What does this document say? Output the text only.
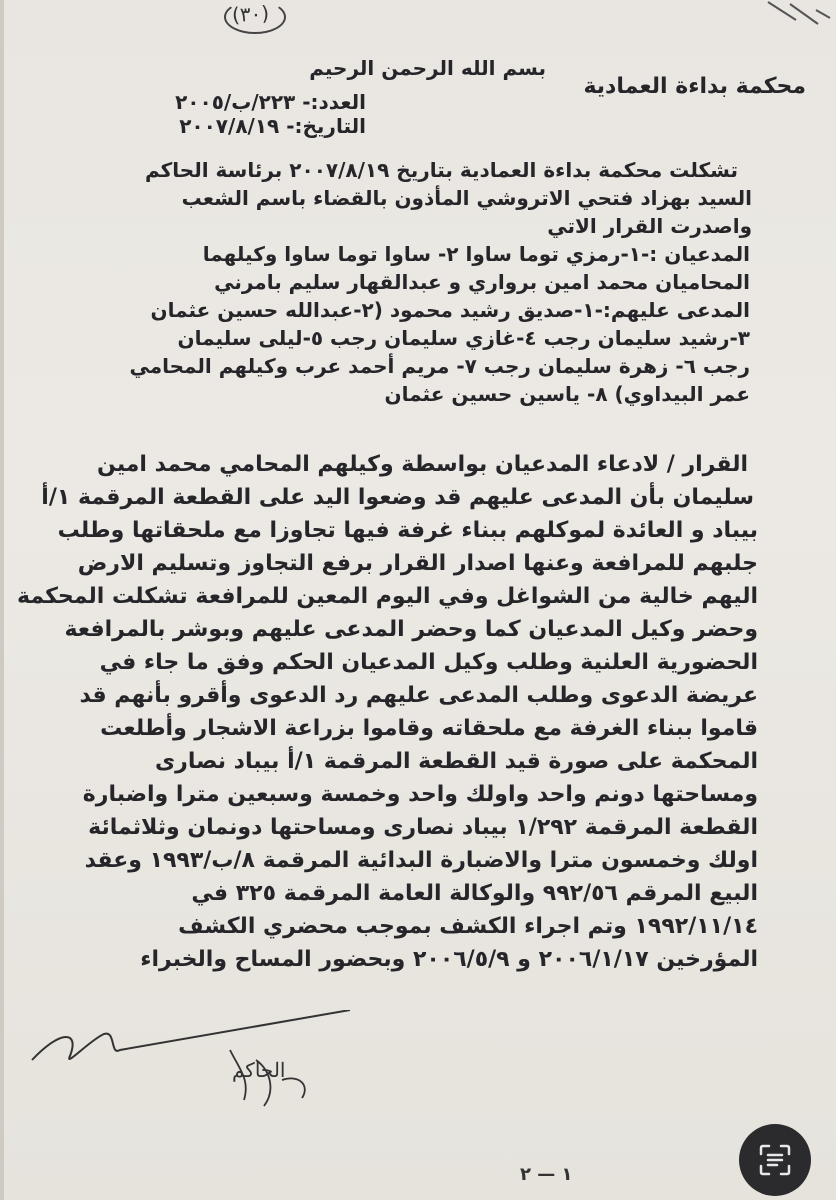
(٣٠)
بسم الله الرحمن الرحيم
محكمة بداءة العمادية
العدد:- ٢٢٣/ب/٢٠٠٥
التاريخ:- ٢٠٠٧/٨/١٩
تشكلت محكمة بداءة العمادية بتاريخ ٢٠٠٧/٨/١٩ برئاسة الحاكم
السيد بهزاد فتحي الاتروشي المأذون بالقضاء باسم الشعب
واصدرت القرار الاتي
المدعيان :-١-رمزي توما ساوا ٢- ساوا توما ساوا وكيلهما
المحاميان محمد امين برواري و عبدالقهار سليم بامرني
المدعى عليهم:-١-صديق رشيد محمود (٢-عبدالله حسين عثمان
٣-رشيد سليمان رجب ٤-غازي سليمان رجب ٥-ليلى سليمان
رجب ٦- زهرة سليمان رجب ٧- مريم أحمد عرب وكيلهم المحامي
عمر البيداوي) ٨- ياسين حسين عثمان
القرار / لادعاء المدعيان بواسطة وكيلهم المحامي محمد امين
سليمان بأن المدعى عليهم قد وضعوا اليد على القطعة المرقمة ١/أ
بيباد و العائدة لموكلهم ببناء غرفة فيها تجاوزا مع ملحقاتها وطلب
جلبهم للمرافعة وعنها اصدار القرار برفع التجاوز وتسليم الارض
اليهم خالية من الشواغل وفي اليوم المعين للمرافعة تشكلت المحكمة
وحضر وكيل المدعيان كما وحضر المدعى عليهم وبوشر بالمرافعة
الحضورية العلنية وطلب وكيل المدعيان الحكم وفق ما جاء في
عريضة الدعوى وطلب المدعى عليهم رد الدعوى وأقرو بأنهم قد
قاموا ببناء الغرفة مع ملحقاته وقاموا بزراعة الاشجار وأطلعت
المحكمة على صورة قيد القطعة المرقمة ١/أ بيباد نصارى
ومساحتها دونم واحد واولك واحد وخمسة وسبعين مترا واضبارة
القطعة المرقمة ١/٢٩٢ بيباد نصارى ومساحتها دونمان وثلاثمائة
اولك وخمسون مترا والاضبارة البدائية المرقمة ٨/ب/١٩٩٣ وعقد
البيع المرقم ٩٩٢/٥٦ والوكالة العامة المرقمة ٣٢٥ في
١٩٩٢/١١/١٤ وتم اجراء الكشف بموجب محضري الكشف
المؤرخين ٢٠٠٦/١/١٧ و ٢٠٠٦/٥/٩ وبحضور المساح والخبراء
الحاكم
١ — ٢
